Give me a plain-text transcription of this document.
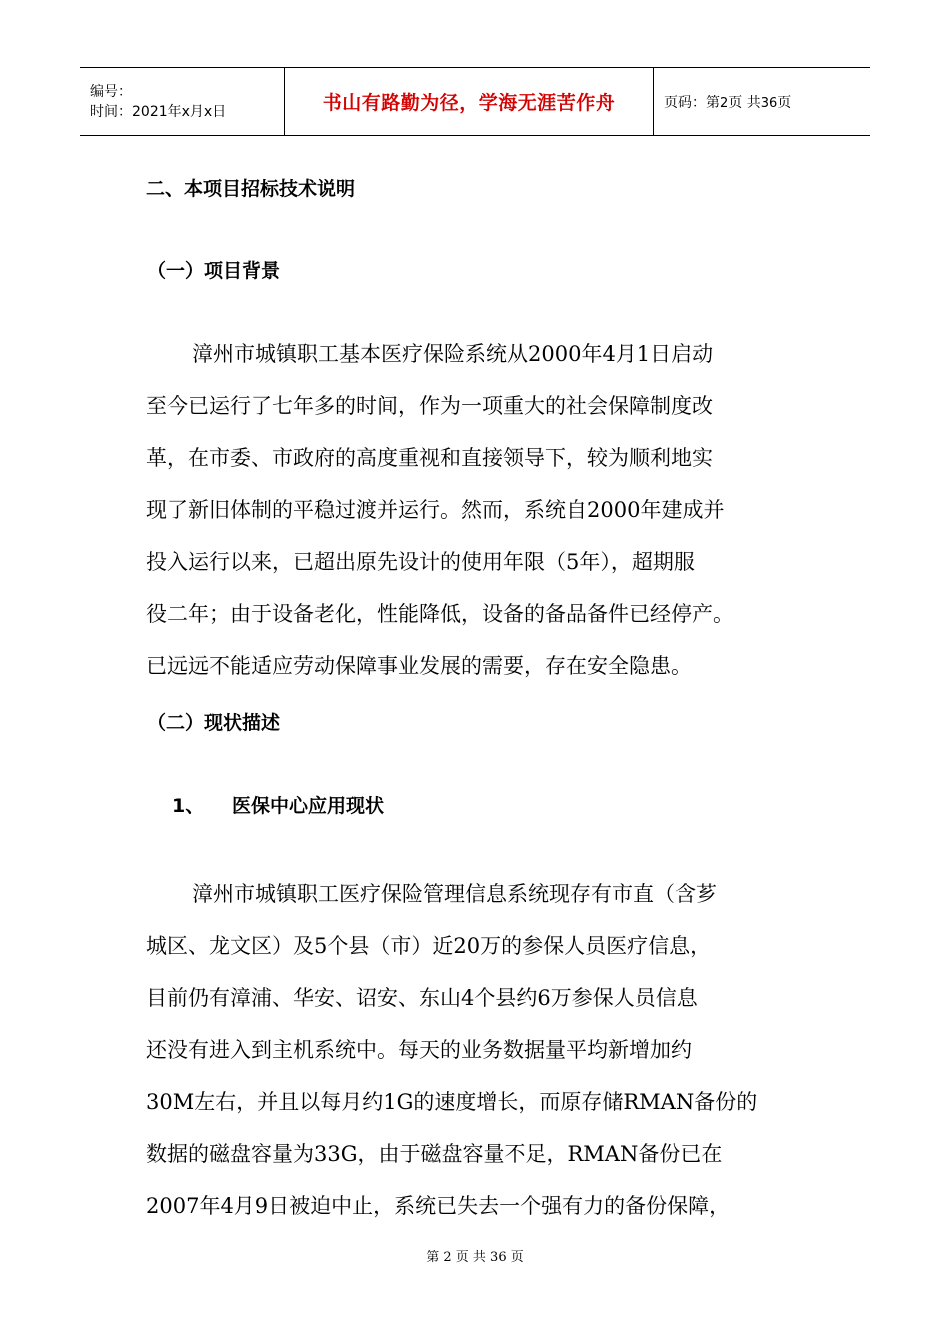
编号：
时间：2021年x月x日	书山有路勤为径，学海无涯苦作舟	页码：第2页 共36页
二、本项目招标技术说明
（一）项目背景
漳州市城镇职工基本医疗保险系统从2000年4月1日启动
至今已运行了七年多的时间，作为一项重大的社会保障制度改
革，在市委、市政府的高度重视和直接领导下，较为顺利地实
现了新旧体制的平稳过渡并运行。然而，系统自2000年建成并
投入运行以来，已超出原先设计的使用年限（5年），超期服
役二年；由于设备老化，性能降低，设备的备品备件已经停产。
已远远不能适应劳动保障事业发展的需要，存在安全隐患。
（二）现状描述
1、 医保中心应用现状
漳州市城镇职工医疗保险管理信息系统现存有市直（含芗
城区、龙文区）及5个县（市）近20万的参保人员医疗信息，
目前仍有漳浦、华安、诏安、东山4个县约6万参保人员信息
还没有进入到主机系统中。每天的业务数据量平均新增加约
30M左右，并且以每月约1G的速度增长，而原存储RMAN备份的
数据的磁盘容量为33G，由于磁盘容量不足，RMAN备份已在
2007年4月9日被迫中止，系统已失去一个强有力的备份保障，
第 2 页 共 36 页
